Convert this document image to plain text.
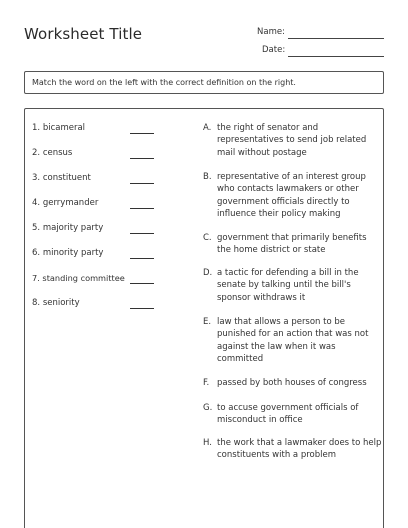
Worksheet Title	Name:
Date:
Match the word on the left with the correct definition on the right.
1. bicameral
2. census
3. constituent
4. gerrymander
5. majority party
6. minority party
7. standing committee
8. seniority
A. the right of senator and representatives to send job related mail without postage
B. representative of an interest group who contacts lawmakers or other government officials directly to influence their policy making
C. government that primarily benefits the home district or state
D. a tactic for defending a bill in the senate by talking until the bill's sponsor withdraws it
E. law that allows a person to be punished for an action that was not against the law when it was committed
F. passed by both houses of congress
G. to accuse government officials of misconduct in office
H. the work that a lawmaker does to help constituents with a problem
